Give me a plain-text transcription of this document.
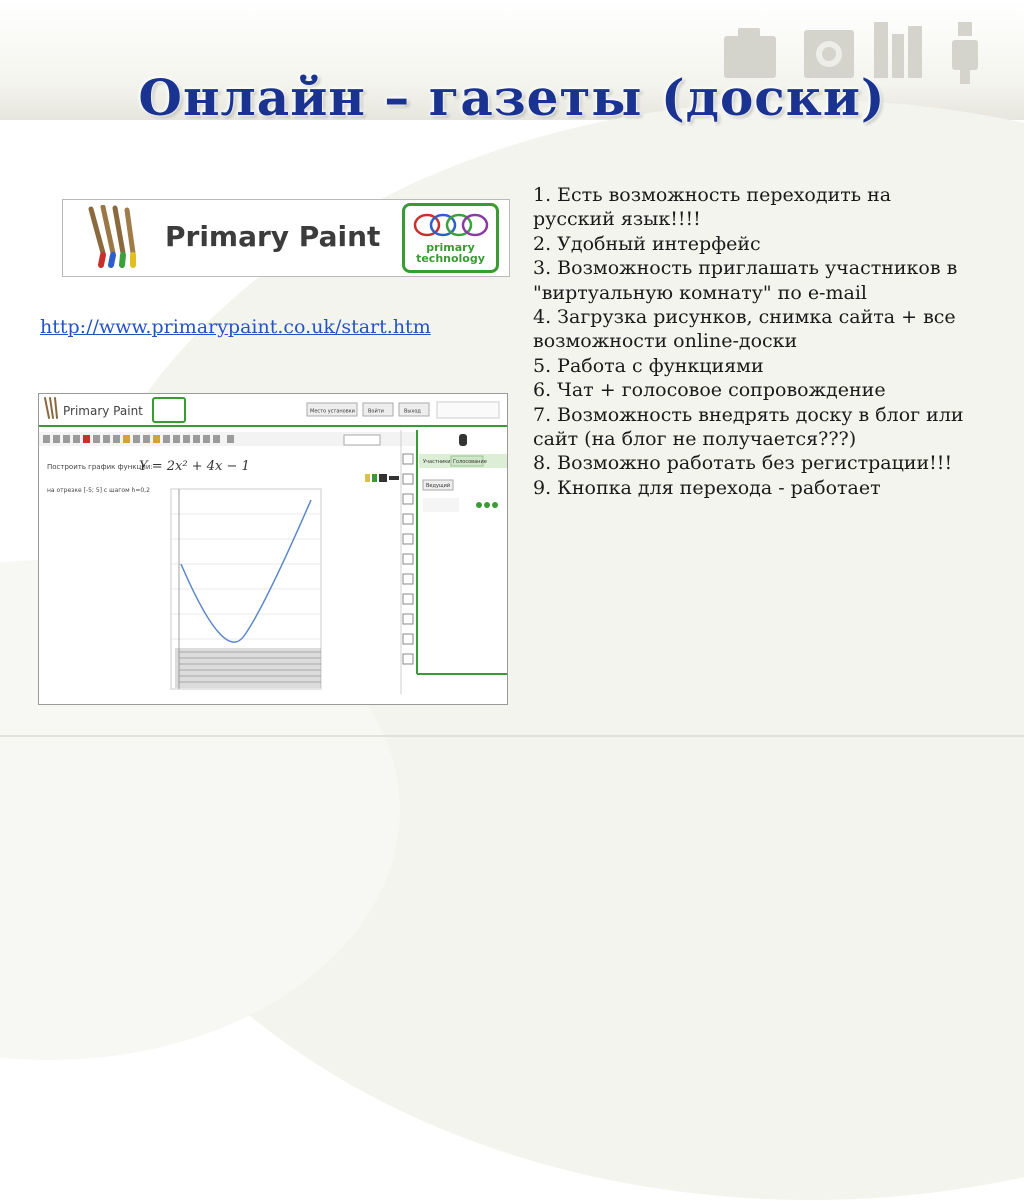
Онлайн – газеты (доски)
Primary Paint	primary
technology
http://www.primarypaint.co.uk/start.htm
Primary Paint	Место установки	Войти	Выход
Построить график функции:
Y = 2x² + 4x − 1
на отрезке [-5; 5] с шагом h=0,2
Участники Голосование
Ведущий
1. Есть возможность переходить на русский язык!!!!
2. Удобный интерфейс
3. Возможность приглашать участников в "виртуальную комнату" по e-mail
4. Загрузка рисунков, снимка сайта + все возможности online-доски
5. Работа с функциями
6. Чат + голосовое сопровождение
7. Возможность внедрять доску в блог или сайт (на блог не получается???)
8. Возможно работать без регистрации!!!
9. Кнопка для перехода - работает
